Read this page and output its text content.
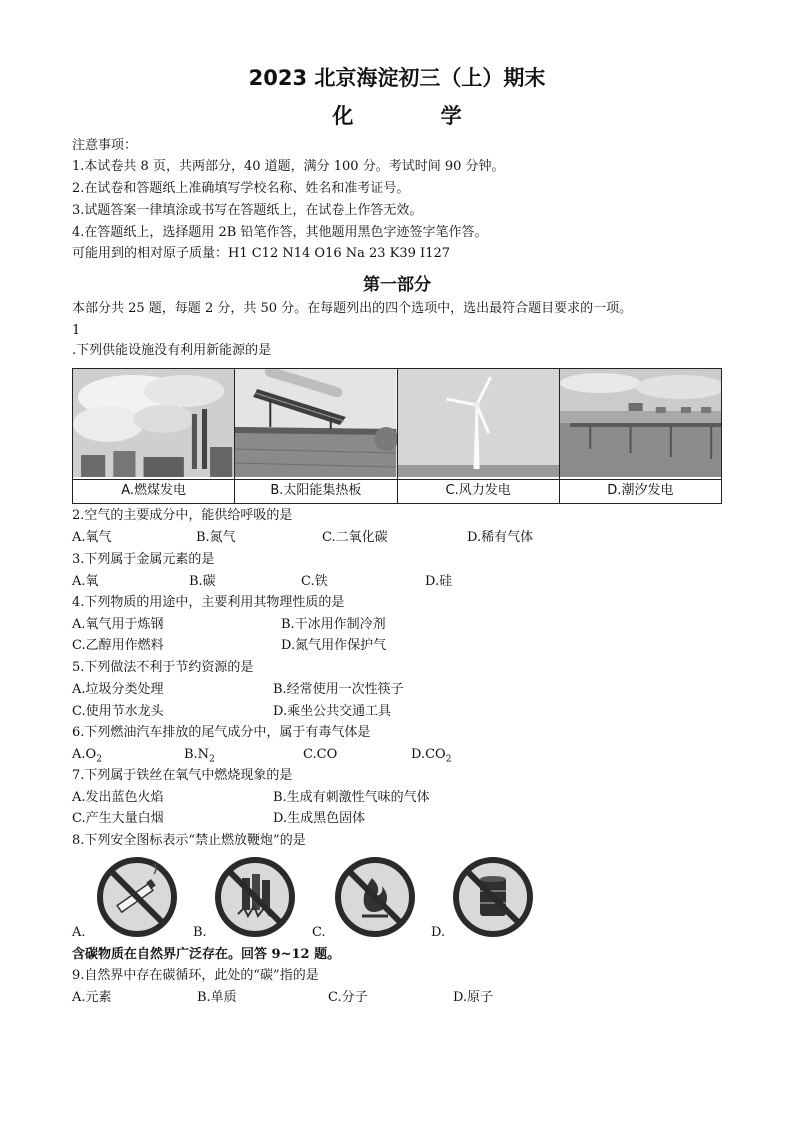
2023 北京海淀初三（上）期末
化 学
注意事项：
1.本试卷共 8 页，共两部分，40 道题，满分 100 分。考试时间 90 分钟。
2.在试卷和答题纸上准确填写学校名称、姓名和准考证号。
3.试题答案一律填涂或书写在答题纸上，在试卷上作答无效。
4.在答题纸上，选择题用 2B 铅笔作答，其他题用黑色字迹签字笔作答。
可能用到的相对原子质量：H1 C12 N14 O16 Na 23 K39 I127
第一部分
本部分共 25 题，每题 2 分，共 50 分。在每题列出的四个选项中，选出最符合题目要求的一项。
1
.下列供能设施没有利用新能源的是

A.燃煤发电	B.太阳能集热板	C.风力发电	D.潮汐发电
2.空气的主要成分中，能供给呼吸的是
A.氧气	B.氮气	C.二氧化碳	D.稀有气体
3.下列属于金属元素的是
A.氧	B.碳	C.铁	D.硅
4.下列物质的用途中，主要利用其物理性质的是
A.氧气用于炼钢	B.干冰用作制冷剂
C.乙醇用作燃料	D.氮气用作保护气
5.下列做法不利于节约资源的是
A.垃圾分类处理	B.经常使用一次性筷子
C.使用节水龙头	D.乘坐公共交通工具
6.下列燃油汽车排放的尾气成分中，属于有毒气体是
$A.O_2$	$B.N_2$	C.CO	$D.CO_2$
7.下列属于铁丝在氧气中燃烧现象的是
A.发出蓝色火焰	B.生成有刺激性气味的气体
C.产生大量白烟	D.生成黑色固体
8.下列安全图标表示“禁止燃放鞭炮”的是
A.	B.	C.	D.
含碳物质在自然界广泛存在。回答 9~12 题。
9.自然界中存在碳循环，此处的“碳”指的是
A.元素	B.单质	C.分子	D.原子
